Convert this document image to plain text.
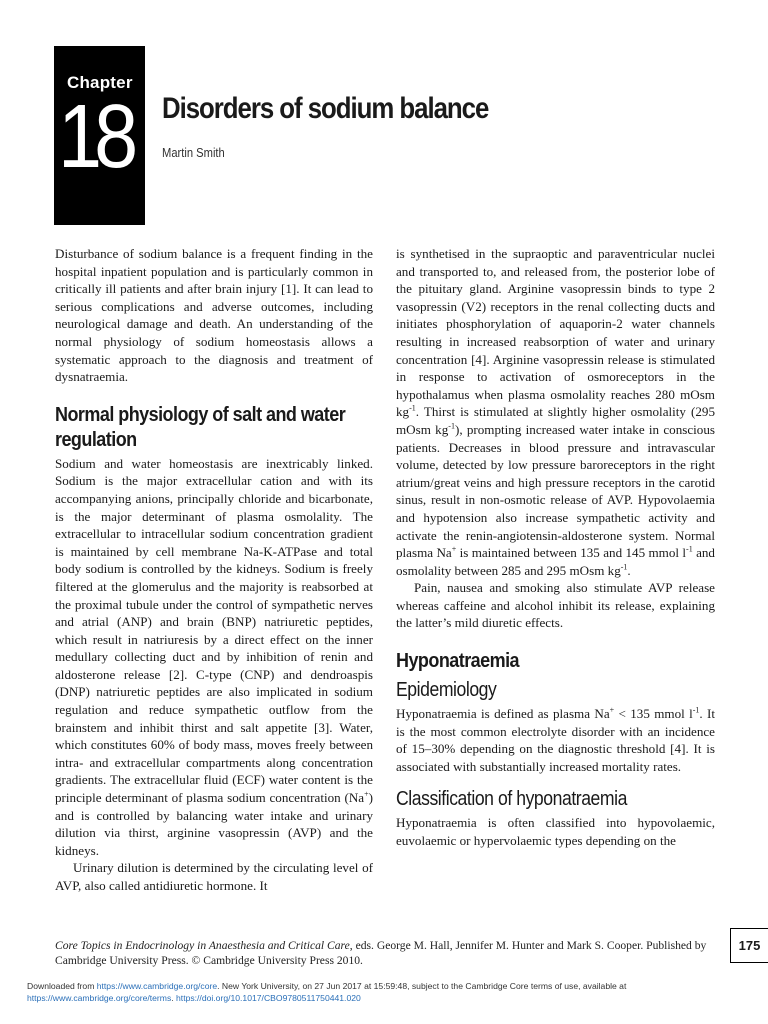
Chapter
18 Disorders of sodium balance
Martin Smith

Disturbance of sodium balance is a frequent finding in the hospital inpatient population and is particularly common in critically ill patients and after brain injury [1]. It can lead to serious complications and adverse outcomes, including neurological damage and death. An understanding of the normal physiology of sodium homeostasis allows a systematic approach to the diagnosis and treatment of dysnatraemia.

Normal physiology of salt and water regulation

Sodium and water homeostasis are inextricably linked. Sodium is the major extracellular cation and with its accompanying anions, principally chloride and bicarbonate, is the major determinant of plasma osmolality. The extracellular to intracellular sodium concentration gradient is maintained by cell membrane Na-K-ATPase and total body sodium is controlled by the kidneys. Sodium is freely filtered at the glomerulus and the majority is reabsorbed at the proximal tubule under the control of sympathetic nerves and atrial (ANP) and brain (BNP) natriuretic peptides, which result in natriuresis by a direct effect on the inner medullary collecting duct and by inhibition of renin and aldosterone release [2]. C-type (CNP) and dendroaspis (DNP) natriuretic peptides are also implicated in sodium regulation and reduce sympathetic outflow from the brainstem and inhibit thirst and salt appetite [3]. Water, which constitutes 60% of body mass, moves freely between intra- and extracellular compartments along concentration gradients. The extracellular fluid (ECF) water content is the principle determinant of plasma sodium concentration (Na+) and is controlled by balancing water intake and urinary dilution via thirst, arginine vasopressin (AVP) and the kidneys.

Urinary dilution is determined by the circulating level of AVP, also called antidiuretic hormone. It

is synthetised in the supraoptic and paraventricular nuclei and transported to, and released from, the posterior lobe of the pituitary gland. Arginine vasopressin binds to type 2 vasopressin (V2) receptors in the renal collecting ducts and initiates phosphorylation of aquaporin-2 water channels resulting in increased reabsorption of water and urinary concentration [4]. Arginine vasopressin release is stimulated in response to activation of osmoreceptors in the hypothalamus when plasma osmolality reaches 280 mOsm $kg^{-1}$. Thirst is stimulated at slightly higher osmolality (295 mOsm $kg^{-1}$), prompting increased water intake in conscious patients. Decreases in blood pressure and intravascular volume, detected by low pressure baroreceptors in the right atrium/great veins and high pressure receptors in the carotid sinus, result in non-osmotic release of AVP. Hypovolaemia and hypotension also increase sympathetic activity and activate the renin-angiotensin-aldosterone system. Normal plasma Na+ is maintained between 135 and 145 mmol $l^{-1}$ and osmolality between 285 and 295 mOsm $kg^{-1}$.

Pain, nausea and smoking also stimulate AVP release whereas caffeine and alcohol inhibit its release, explaining the latter’s mild diuretic effects.

Hyponatraemia
Epidemiology

Hyponatraemia is defined as plasma Na+ < 135 mmol $l^{-1}$. It is the most common electrolyte disorder with an incidence of 15–30% depending on the diagnostic threshold [4]. It is associated with substantially increased mortality rates.

Classification of hyponatraemia

Hyponatraemia is often classified into hypovolaemic, euvolaemic or hypervolaemic types depending on the

Core Topics in Endocrinology in Anaesthesia and Critical Care, eds. George M. Hall, Jennifer M. Hunter and Mark S. Cooper. Published by Cambridge University Press. © Cambridge University Press 2010.
175
Downloaded from https://www.cambridge.org/core. New York University, on 27 Jun 2017 at 15:59:48, subject to the Cambridge Core terms of use, available at
https://www.cambridge.org/core/terms. https://doi.org/10.1017/CBO9780511750441.020
